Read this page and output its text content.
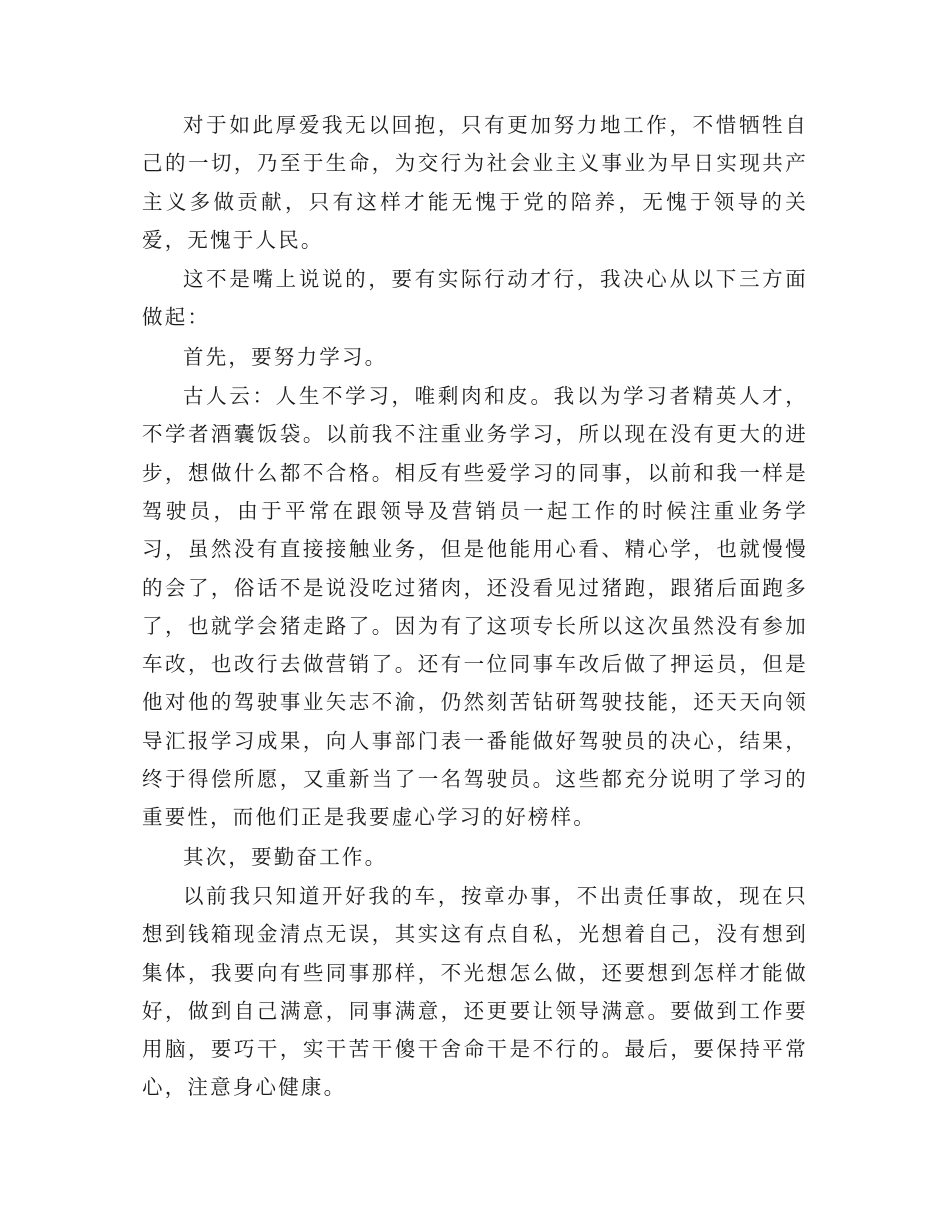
对于如此厚爱我无以回抱，只有更加努力地工作，不惜牺牲自己的一切，乃至于生命，为交行为社会业主义事业为早日实现共产主义多做贡献，只有这样才能无愧于党的陪养，无愧于领导的关爱，无愧于人民。

这不是嘴上说说的，要有实际行动才行，我决心从以下三方面做起：

首先，要努力学习。

古人云：人生不学习，唯剩肉和皮。我以为学习者精英人才，不学者酒囊饭袋。以前我不注重业务学习，所以现在没有更大的进步，想做什么都不合格。相反有些爱学习的同事，以前和我一样是驾驶员，由于平常在跟领导及营销员一起工作的时候注重业务学习，虽然没有直接接触业务，但是他能用心看、精心学，也就慢慢的会了，俗话不是说没吃过猪肉，还没看见过猪跑，跟猪后面跑多了，也就学会猪走路了。因为有了这项专长所以这次虽然没有参加车改，也改行去做营销了。还有一位同事车改后做了押运员，但是他对他的驾驶事业矢志不渝，仍然刻苦钻研驾驶技能，还天天向领导汇报学习成果，向人事部门表一番能做好驾驶员的决心，结果，终于得偿所愿，又重新当了一名驾驶员。这些都充分说明了学习的重要性，而他们正是我要虚心学习的好榜样。

其次，要勤奋工作。

以前我只知道开好我的车，按章办事，不出责任事故，现在只想到钱箱现金清点无误，其实这有点自私，光想着自己，没有想到集体，我要向有些同事那样，不光想怎么做，还要想到怎样才能做好，做到自己满意，同事满意，还更要让领导满意。要做到工作要用脑，要巧干，实干苦干傻干舍命干是不行的。最后，要保持平常心，注意身心健康。
